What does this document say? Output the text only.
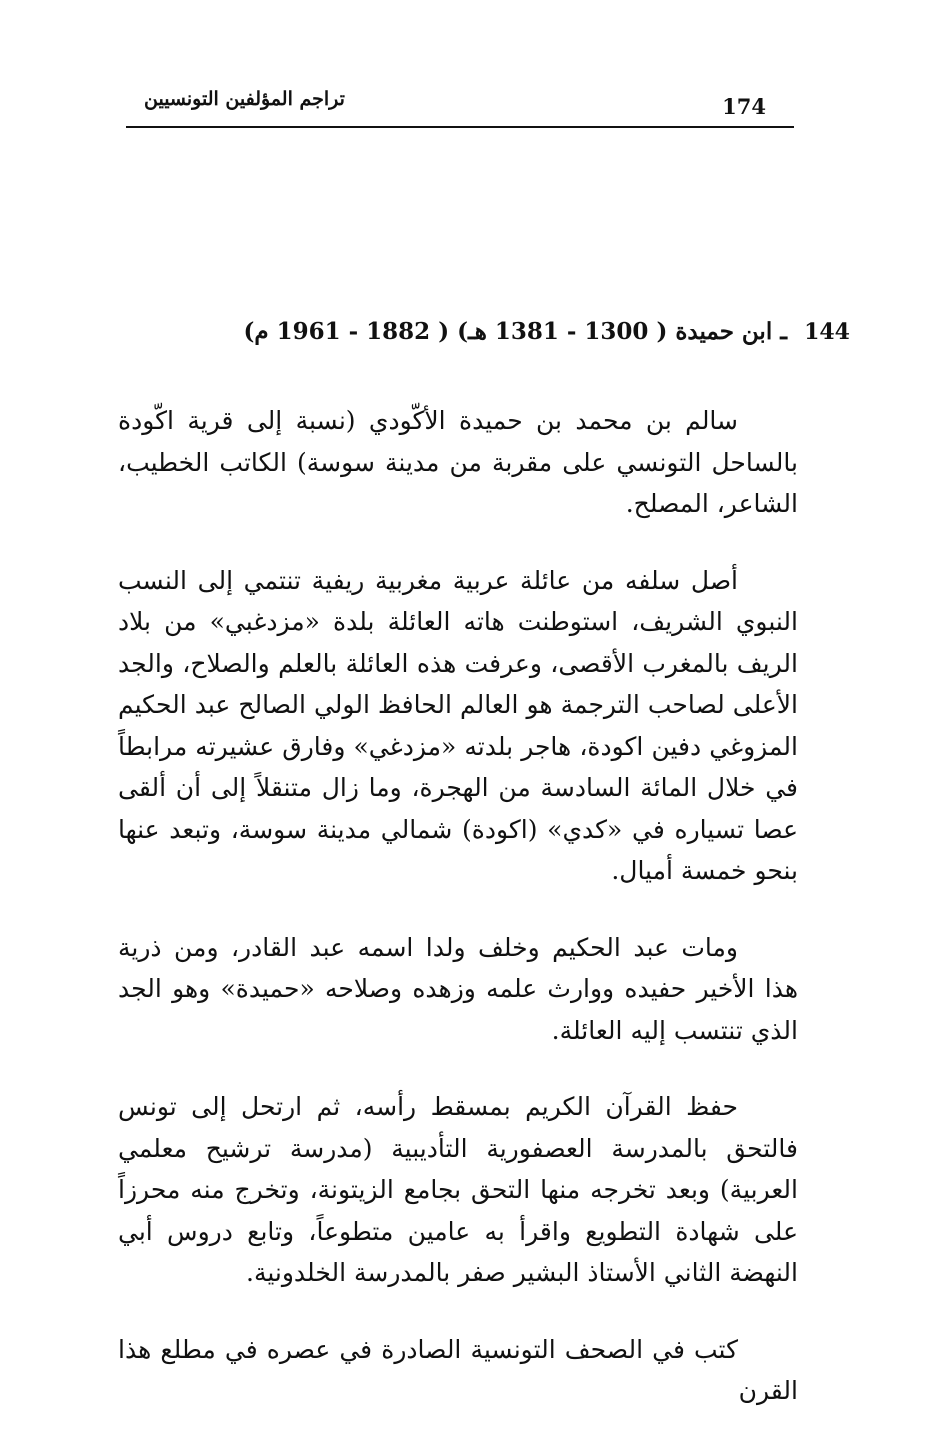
تراجم المؤلفين التونسيين	174
144 ـ ابن حميدة ( 1300 - 1381 هـ) ( 1882 - 1961 م)

سالم بن محمد بن حميدة الأكّودي (نسبة إلى قرية اكّودة بالساحل التونسي على مقربة من مدينة سوسة) الكاتب الخطيب، الشاعر، المصلح.

أصل سلفه من عائلة عربية مغربية ريفية تنتمي إلى النسب النبوي الشريف، استوطنت هاته العائلة بلدة «مزدغبي» من بلاد الريف بالمغرب الأقصى، وعرفت هذه العائلة بالعلم والصلاح، والجد الأعلى لصاحب الترجمة هو العالم الحافظ الولي الصالح عبد الحكيم المزوغي دفين اكودة، هاجر بلدته «مزدغي» وفارق عشيرته مرابطاً في خلال المائة السادسة من الهجرة، وما زال متنقلاً إلى أن ألقى عصا تسياره في «كدي» (اكودة) شمالي مدينة سوسة، وتبعد عنها بنحو خمسة أميال.

ومات عبد الحكيم وخلف ولدا اسمه عبد القادر، ومن ذرية هذا الأخير حفيده ووارث علمه وزهده وصلاحه «حميدة» وهو الجد الذي تنتسب إليه العائلة.

حفظ القرآن الكريم بمسقط رأسه، ثم ارتحل إلى تونس فالتحق بالمدرسة العصفورية التأديبية (مدرسة ترشيح معلمي العربية) وبعد تخرجه منها التحق بجامع الزيتونة، وتخرج منه محرزاً على شهادة التطويع واقرأ به عامين متطوعاً، وتابع دروس أبي النهضة الثاني الأستاذ البشير صفر بالمدرسة الخلدونية.

كتب في الصحف التونسية الصادرة في عصره في مطلع هذا القرن
